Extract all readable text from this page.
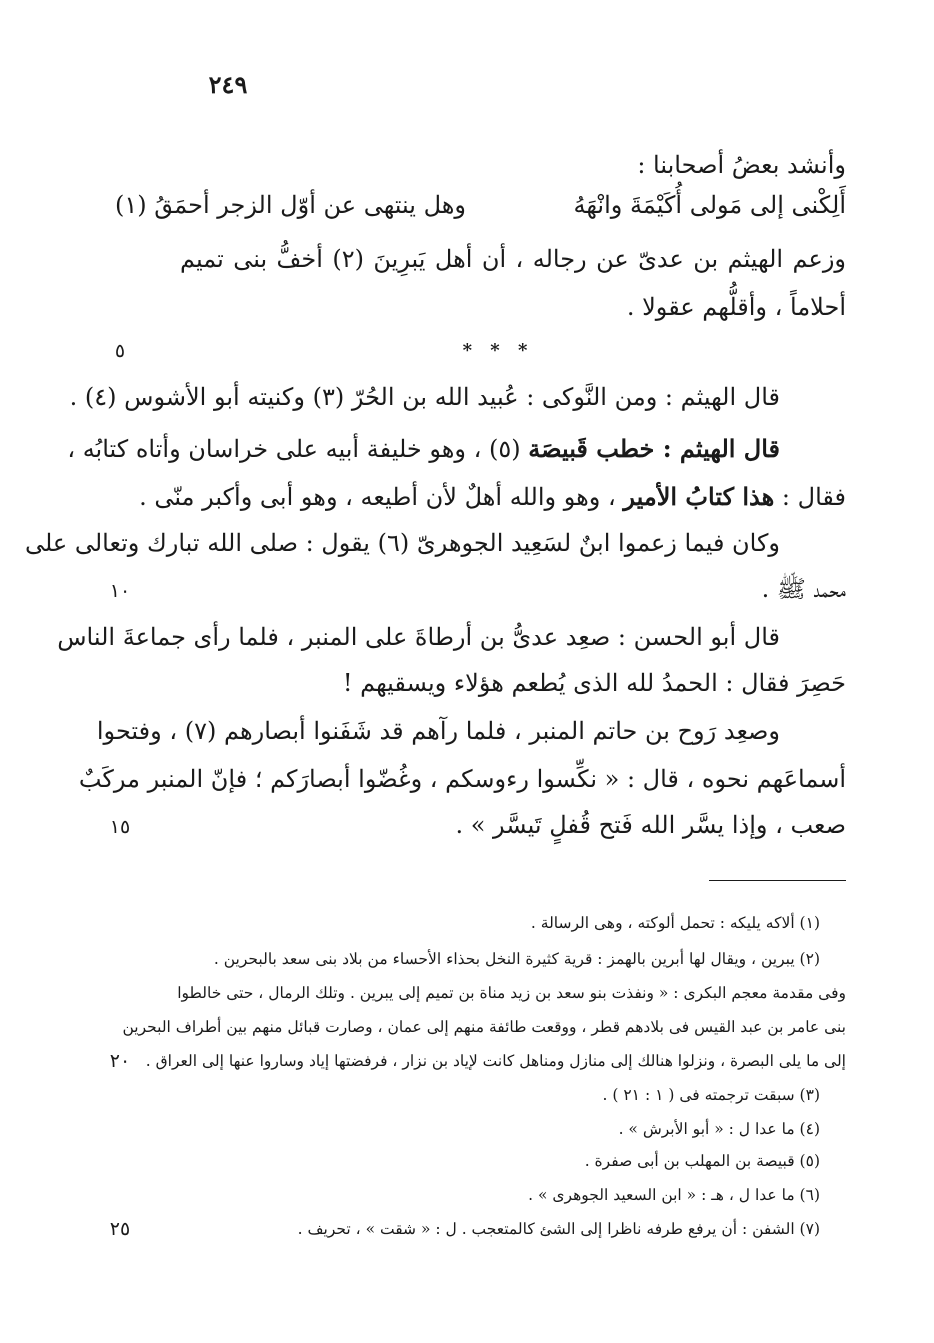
٢٤٩
وأنشد بعضُ أصحابنا :
أَلِكْنى إلى مَولى أُكَيْمَةَ وانْهَهُ
وهل ينتهى عن أوّل الزجر أحمَقُ (١)
وزعم الهيثم بن عدىّ عن رجاله ، أن أهل يَبرِينَ (٢) أخفُّ بنى تميم
أحلاماً ، وأقلُّهم عقولا .
* * *
قال الهيثم : ومن النَّوكى : عُبيد الله بن الحُرّ (٣) وكنيته أبو الأشوس (٤) .
قال الهيثم : خطب قَبيصَة (٥) ، وهو خليفة أبيه على خراسان وأتاه كتابُه ،
فقال : هذا كتابُ الأمير ، وهو والله أهلٌ لأن أطيعه ، وهو أبى وأكبر منّى .
وكان فيما زعموا ابنٌ لسَعِيد الجوهرىّ (٦) يقول : صلى الله تبارك وتعالى على
محمد ﷺ .
قال أبو الحسن : صعِد عدىُّ بن أرطاةَ على المنبر ، فلما رأى جماعةَ الناس
حَصِرَ فقال : الحمدُ لله الذى يُطعم هؤلاء ويسقيهم !
وصعِد رَوح بن حاتم المنبر ، فلما رآهم قد شَفَنوا أبصارهم (٧) ، وفتحوا
أسماعَهم نحوه ، قال : « نكِّسوا رءوسكم ، وغُضّوا أبصارَكم ؛ فإنّ المنبر مركَبٌ
صعب ، وإذا يسَّر الله فَتح قُفلٍ تَيسَّر » .
٥
١٠
١٥
٢٠
٢٥
(١) ألاكه يليكه : تحمل ألوكته ، وهى الرسالة .
(٢) يبرين ، ويقال لها أبرين بالهمز : قرية كثيرة النخل بحذاء الأحساء من بلاد بنى سعد بالبحرين .
وفى مقدمة معجم البكرى : « ونفذت بنو سعد بن زيد مناة بن تميم إلى يبرين . وتلك الرمال ، حتى خالطوا
بنى عامر بن عبد القيس فى بلادهم قطر ، ووقعت طائفة منهم إلى عمان ، وصارت قبائل منهم بين أطراف البحرين
إلى ما يلى البصرة ، ونزلوا هنالك إلى منازل ومناهل كانت لإياد بن نزار ، فرفضتها إياد وساروا عنها إلى العراق .
(٣) سبقت ترجمته فى ( ١ : ٢١ ) .
(٤) ما عدا ل : « أبو الأبرش » .
(٥) قبيصة بن المهلب بن أبى صفرة .
(٦) ما عدا ل ، هـ : « ابن السعيد الجوهرى » .
(٧) الشفن : أن يرفع طرفه ناظرا إلى الشئ كالمتعجب . ل : « شقت » ، تحريف .
